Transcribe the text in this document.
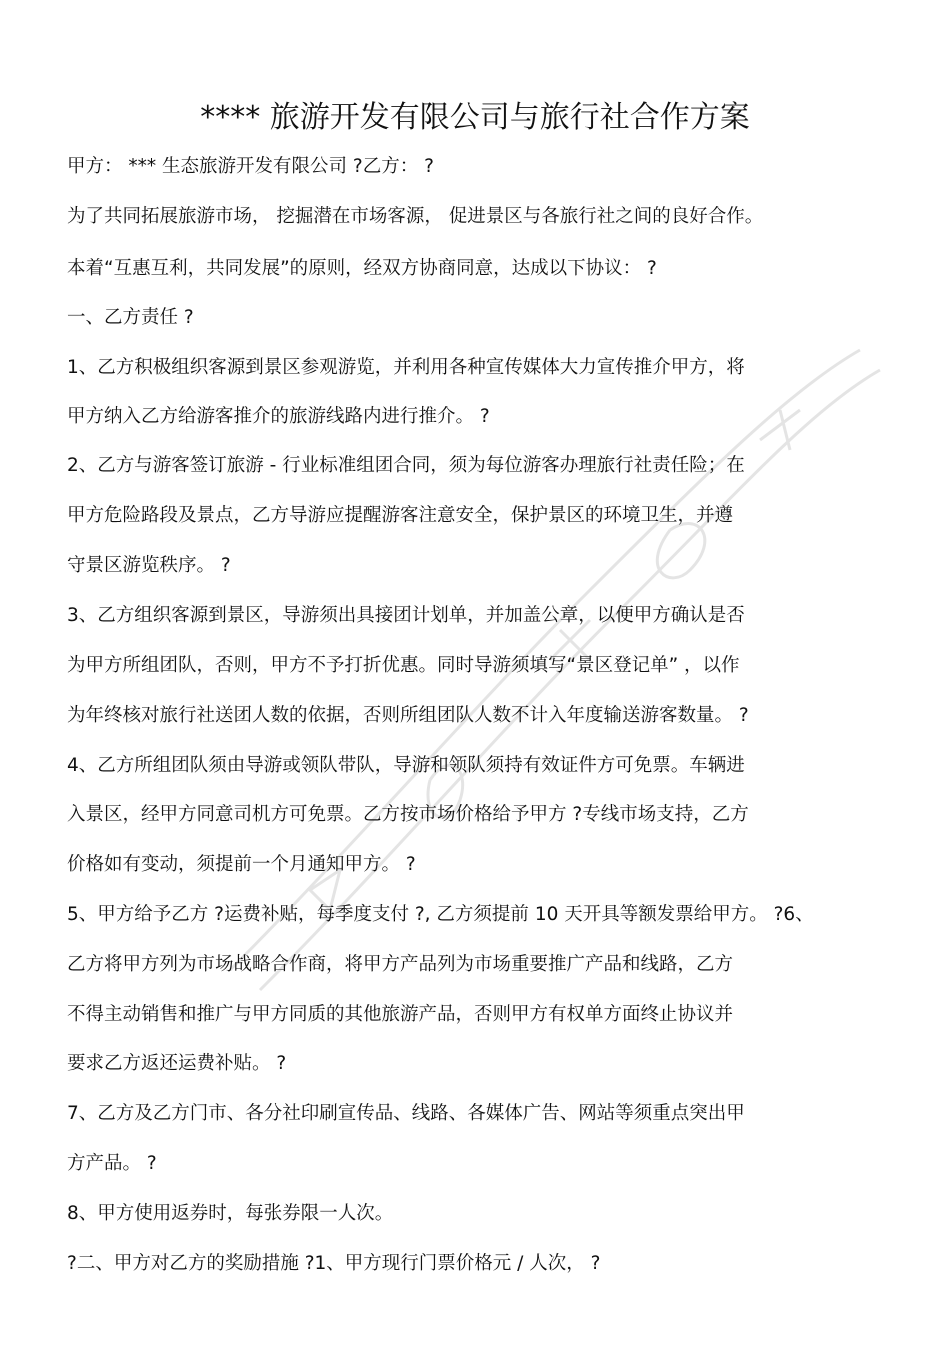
**** 旅游开发有限公司与旅行社合作方案
甲方： *** 生态旅游开发有限公司 ?乙方： ?
为了共同拓展旅游市场， 挖掘潜在市场客源， 促进景区与各旅行社之间的良好合作。
本着“互惠互利，共同发展”的原则，经双方协商同意，达成以下协议： ?
一、乙方责任 ?
1、乙方积极组织客源到景区参观游览，并利用各种宣传媒体大力宣传推介甲方，将
甲方纳入乙方给游客推介的旅游线路内进行推介。 ?
2、乙方与游客签订旅游 - 行业标准组团合同，须为每位游客办理旅行社责任险；在
甲方危险路段及景点，乙方导游应提醒游客注意安全，保护景区的环境卫生，并遵
守景区游览秩序。 ?
3、乙方组织客源到景区，导游须出具接团计划单，并加盖公章，以便甲方确认是否
为甲方所组团队，否则，甲方不予打折优惠。同时导游须填写“景区登记单” ，以作
为年终核对旅行社送团人数的依据，否则所组团队人数不计入年度输送游客数量。 ?
4、乙方所组团队须由导游或领队带队，导游和领队须持有效证件方可免票。车辆进
入景区，经甲方同意司机方可免票。乙方按市场价格给予甲方 ?专线市场支持，乙方
价格如有变动，须提前一个月通知甲方。 ?
5、甲方给予乙方 ?运费补贴，每季度支付 ?, 乙方须提前 10 天开具等额发票给甲方。 ?6、
乙方将甲方列为市场战略合作商，将甲方产品列为市场重要推广产品和线路，乙方
不得主动销售和推广与甲方同质的其他旅游产品，否则甲方有权单方面终止协议并
要求乙方返还运费补贴。 ?
7、乙方及乙方门市、各分社印刷宣传品、线路、各媒体广告、网站等须重点突出甲
方产品。 ?
8、甲方使用返券时，每张券限一人次。
?二、甲方对乙方的奖励措施 ?1、甲方现行门票价格元 / 人次， ?
